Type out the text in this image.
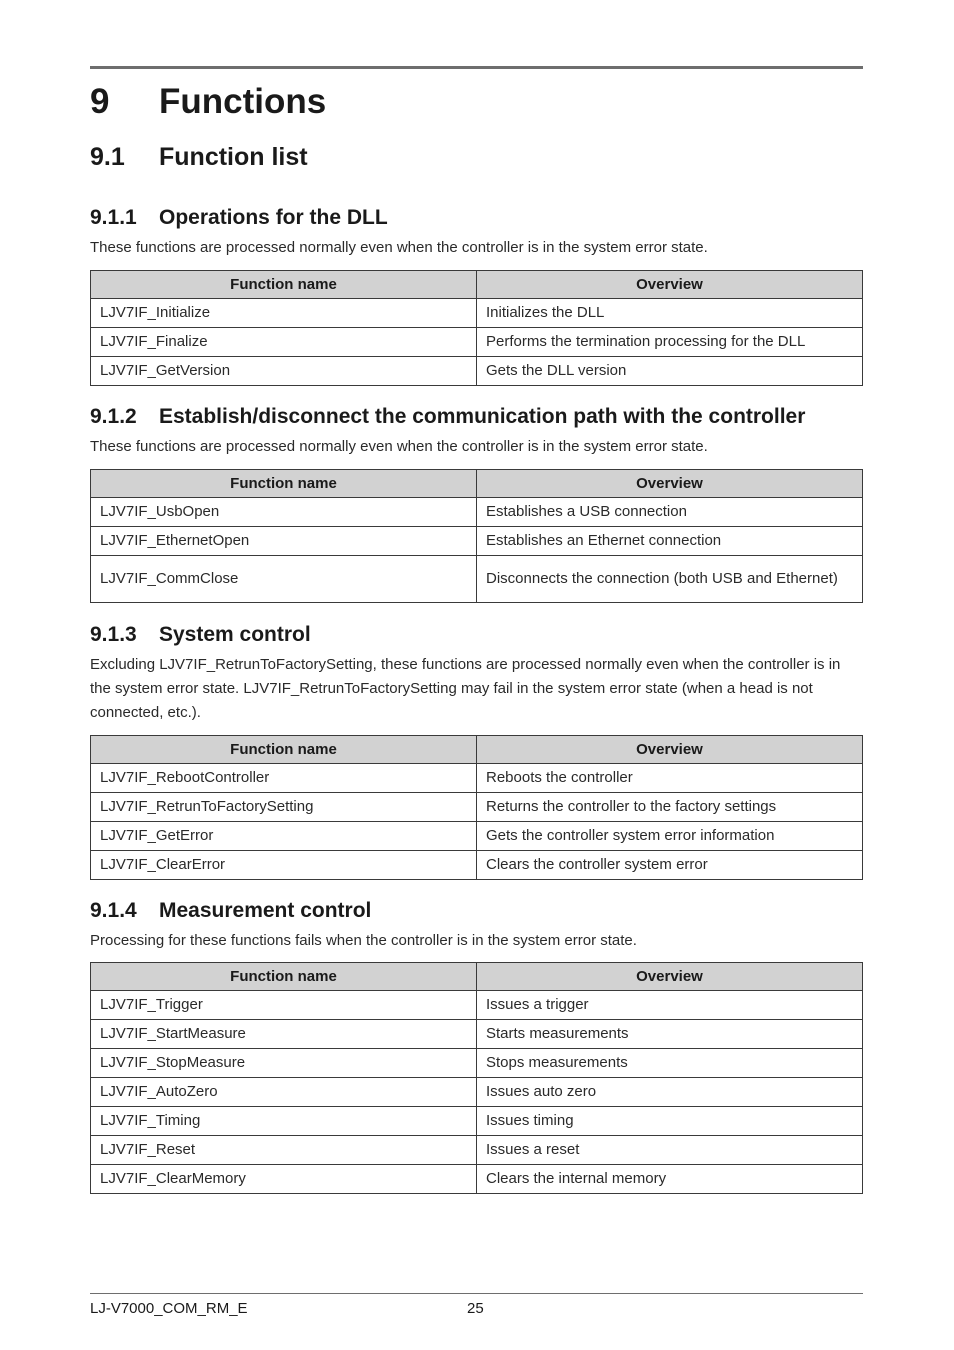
9 Functions
9.1 Function list
9.1.1 Operations for the DLL

These functions are processed normally even when the controller is in the system error state.

Function name	Overview
LJV7IF_Initialize	Initializes the DLL
LJV7IF_Finalize	Performs the termination processing for the DLL
LJV7IF_GetVersion	Gets the DLL version
9.1.2 Establish/disconnect the communication path with the controller

These functions are processed normally even when the controller is in the system error state.

Function name	Overview
LJV7IF_UsbOpen	Establishes a USB connection
LJV7IF_EthernetOpen	Establishes an Ethernet connection
LJV7IF_CommClose	Disconnects the connection (both USB and Ethernet)
9.1.3 System control

Excluding LJV7IF_RetrunToFactorySetting, these functions are processed normally even when the controller is in the system error state. LJV7IF_RetrunToFactorySetting may fail in the system error state (when a head is not connected, etc.).

Function name	Overview
LJV7IF_RebootController	Reboots the controller
LJV7IF_RetrunToFactorySetting	Returns the controller to the factory settings
LJV7IF_GetError	Gets the controller system error information
LJV7IF_ClearError	Clears the controller system error
9.1.4 Measurement control

Processing for these functions fails when the controller is in the system error state.

Function name	Overview
LJV7IF_Trigger	Issues a trigger
LJV7IF_StartMeasure	Starts measurements
LJV7IF_StopMeasure	Stops measurements
LJV7IF_AutoZero	Issues auto zero
LJV7IF_Timing	Issues timing
LJV7IF_Reset	Issues a reset
LJV7IF_ClearMemory	Clears the internal memory
LJ-V7000_COM_RM_E	25
